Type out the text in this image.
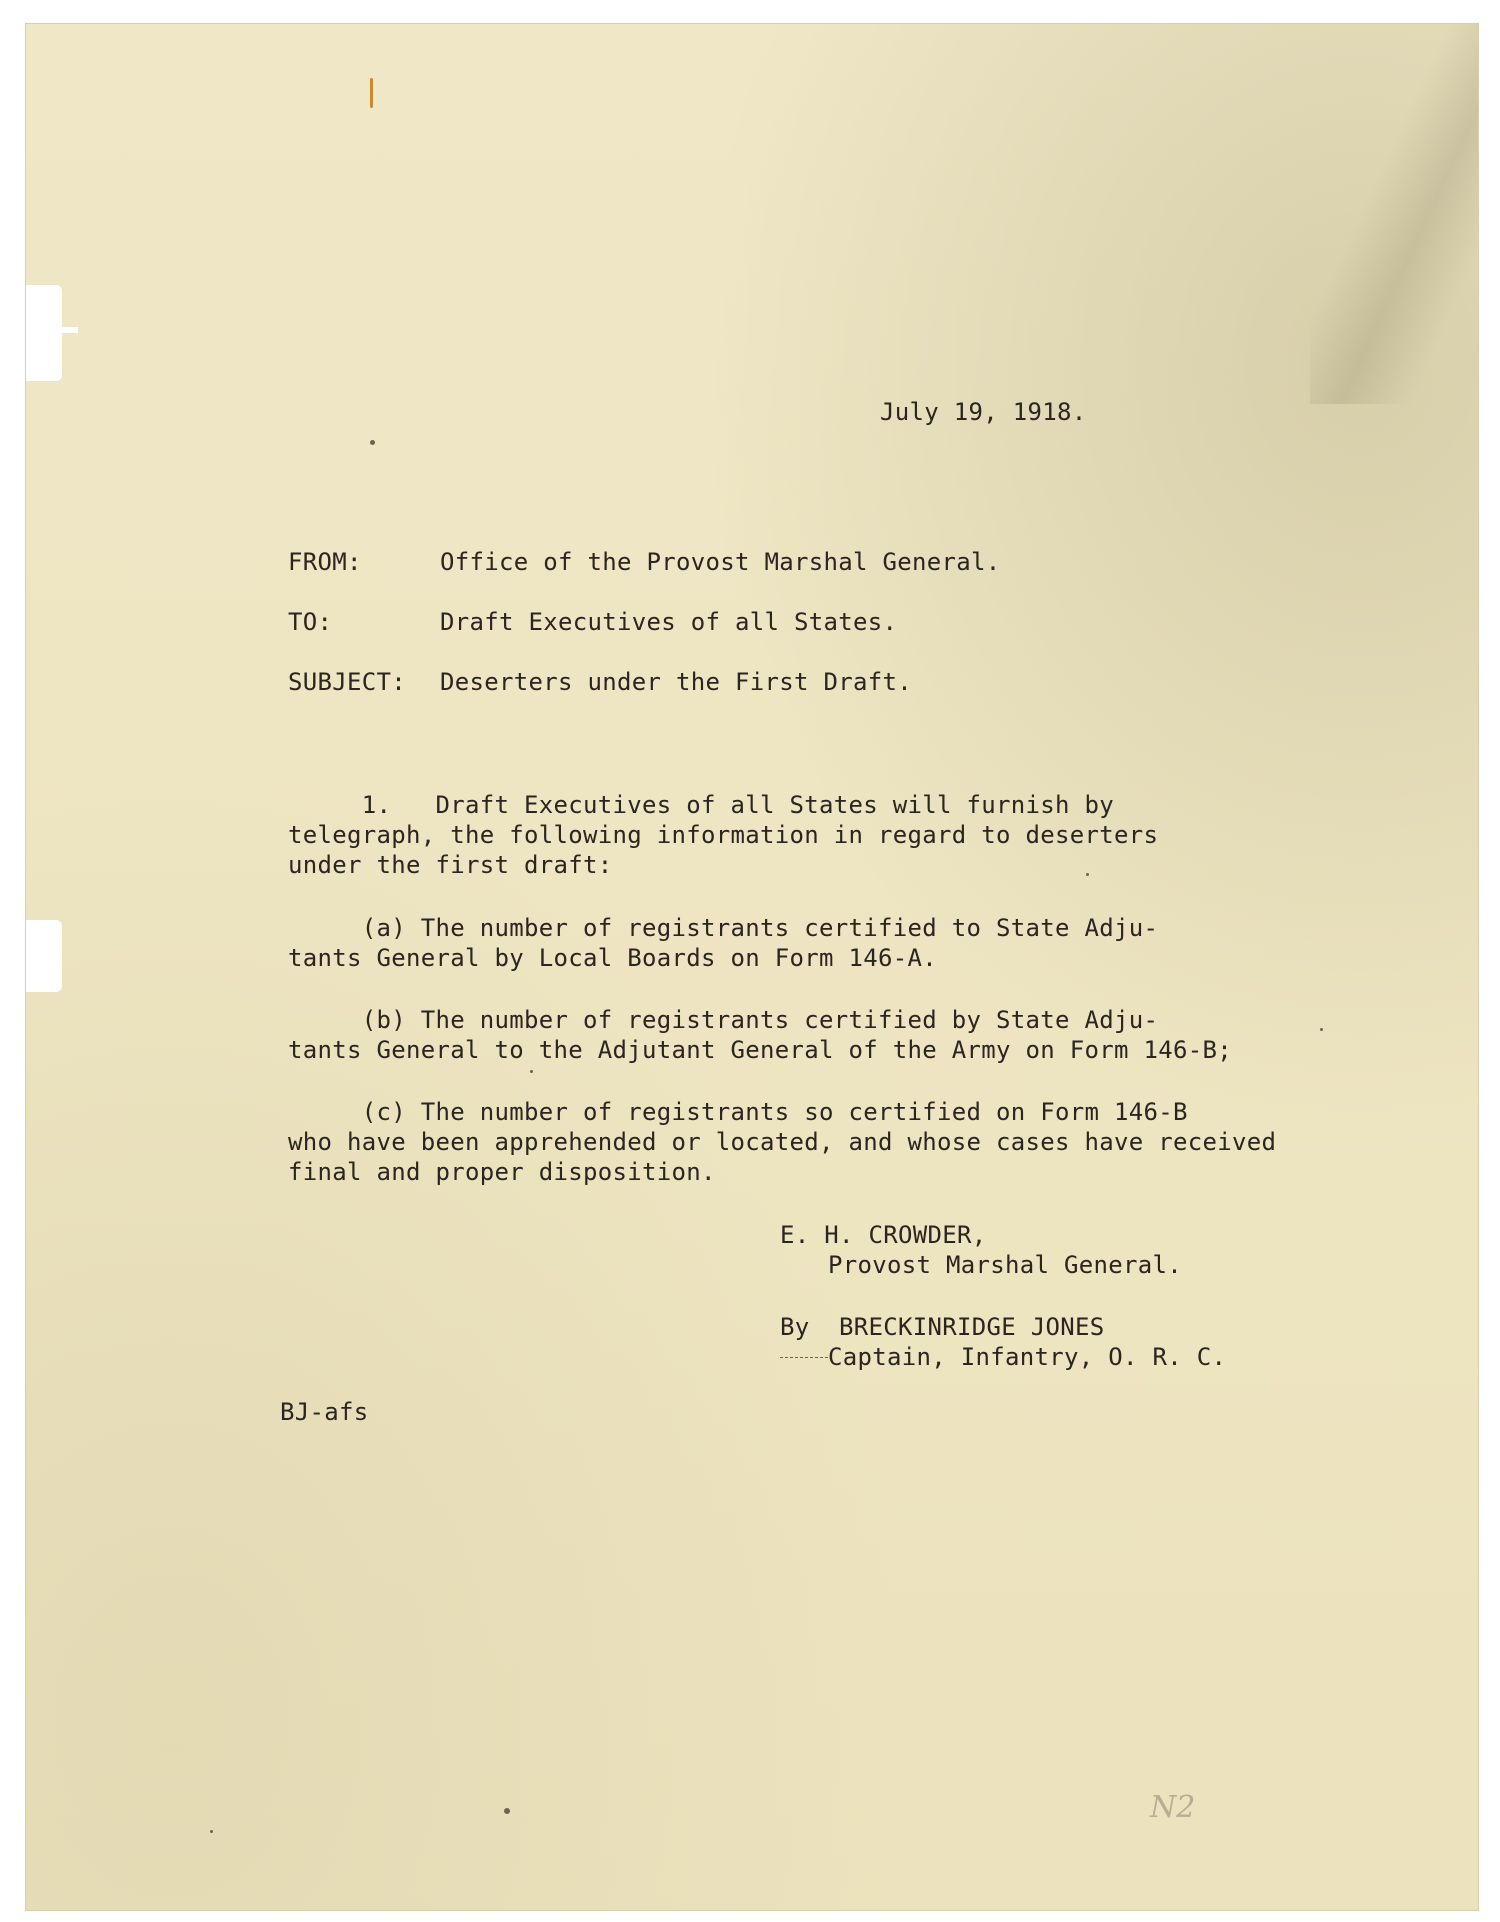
July 19, 1918.

FROM:	Office of the Provost Marshal General.

TO:	Draft Executives of all States.

SUBJECT: Deserters under the First Draft.

1.   Draft Executives of all States will furnish by

telegraph, the following information in regard to deserters

under the first draft:

(a) The number of registrants certified to State Adju-

tants General by Local Boards on Form 146-A.

(b) The number of registrants certified by State Adju-

tants General to the Adjutant General of the Army on Form 146-B;

(c) The number of registrants so certified on Form 146-B

who have been apprehended or located, and whose cases have received

final and proper disposition.

E. H. CROWDER,

Provost Marshal General.

By  BRECKINRIDGE JONES

Captain, Infantry, O. R. C.

BJ-afs

N2
